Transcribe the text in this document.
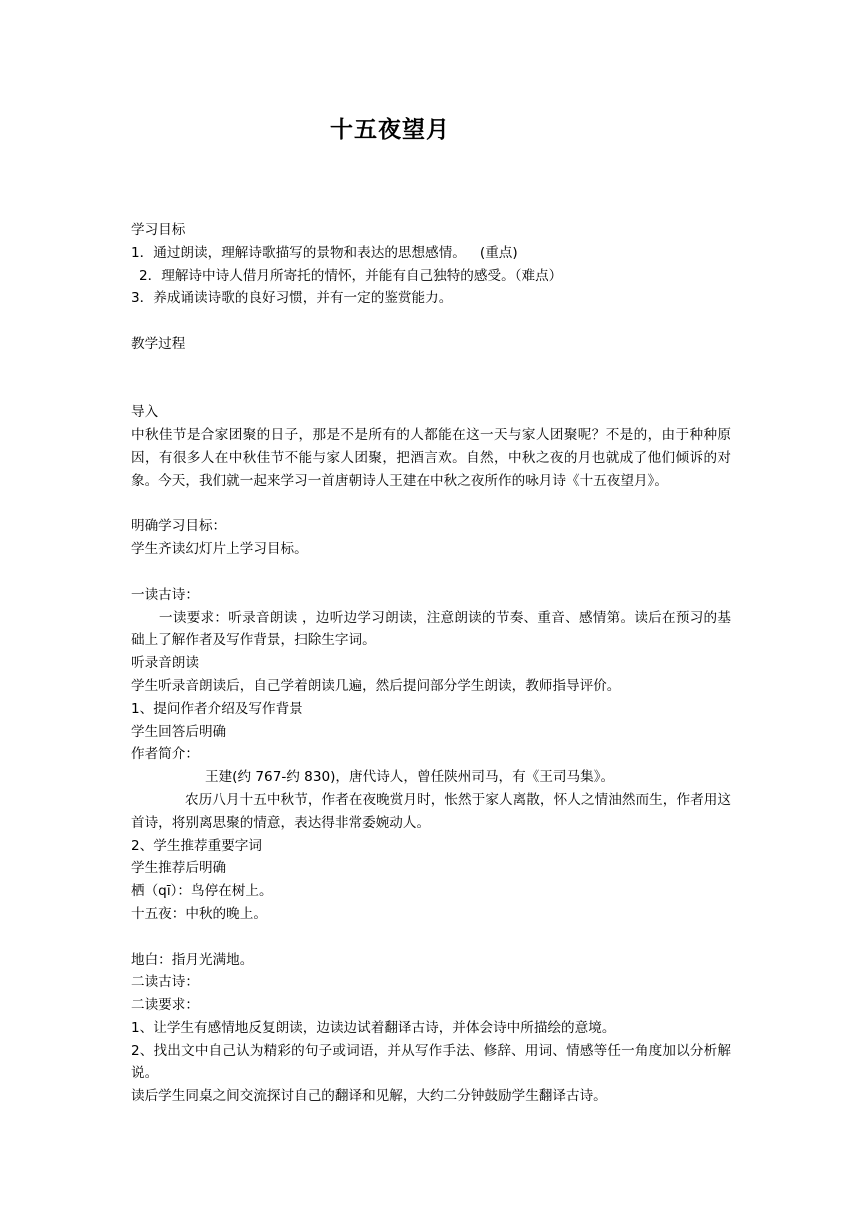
十五夜望月
学习目标
1．通过朗读，理解诗歌描写的景物和表达的思想感情。 (重点)
2．理解诗中诗人借月所寄托的情怀，并能有自己独特的感受。（难点）
3．养成诵读诗歌的良好习惯，并有一定的鉴赏能力。
教学过程
导入

中秋佳节是合家团聚的日子，那是不是所有的人都能在这一天与家人团聚呢？不是的，由于种种原因，有很多人在中秋佳节不能与家人团聚，把酒言欢。自然，中秋之夜的月也就成了他们倾诉的对象。今天，我们就一起来学习一首唐朝诗人王建在中秋之夜所作的咏月诗《十五夜望月》。

明确学习目标：
学生齐读幻灯片上学习目标。
一读古诗：

一读要求：听录音朗读 ，边听边学习朗读，注意朗读的节奏、重音、感情第。读后在预习的基础上了解作者及写作背景，扫除生字词。

听录音朗读
学生听录音朗读后，自己学着朗读几遍，然后提问部分学生朗读，教师指导评价。
1、提问作者介绍及写作背景
学生回答后明确
作者简介：
王建(约 767-约 830)，唐代诗人，曾任陕州司马，有《王司马集》。

农历八月十五中秋节，作者在夜晚赏月时，怅然于家人离散，怀人之情油然而生，作者用这首诗，将别离思聚的情意，表达得非常委婉动人。

2、学生推荐重要字词
学生推荐后明确
栖（qī）：鸟停在树上。
十五夜：中秋的晚上。
地白：指月光满地。
二读古诗：
二读要求：
1、让学生有感情地反复朗读，边读边试着翻译古诗，并体会诗中所描绘的意境。

2、找出文中自己认为精彩的句子或词语，并从写作手法、修辞、用词、情感等任一角度加以分析解说。

读后学生同桌之间交流探讨自己的翻译和见解，大约二分钟鼓励学生翻译古诗。
